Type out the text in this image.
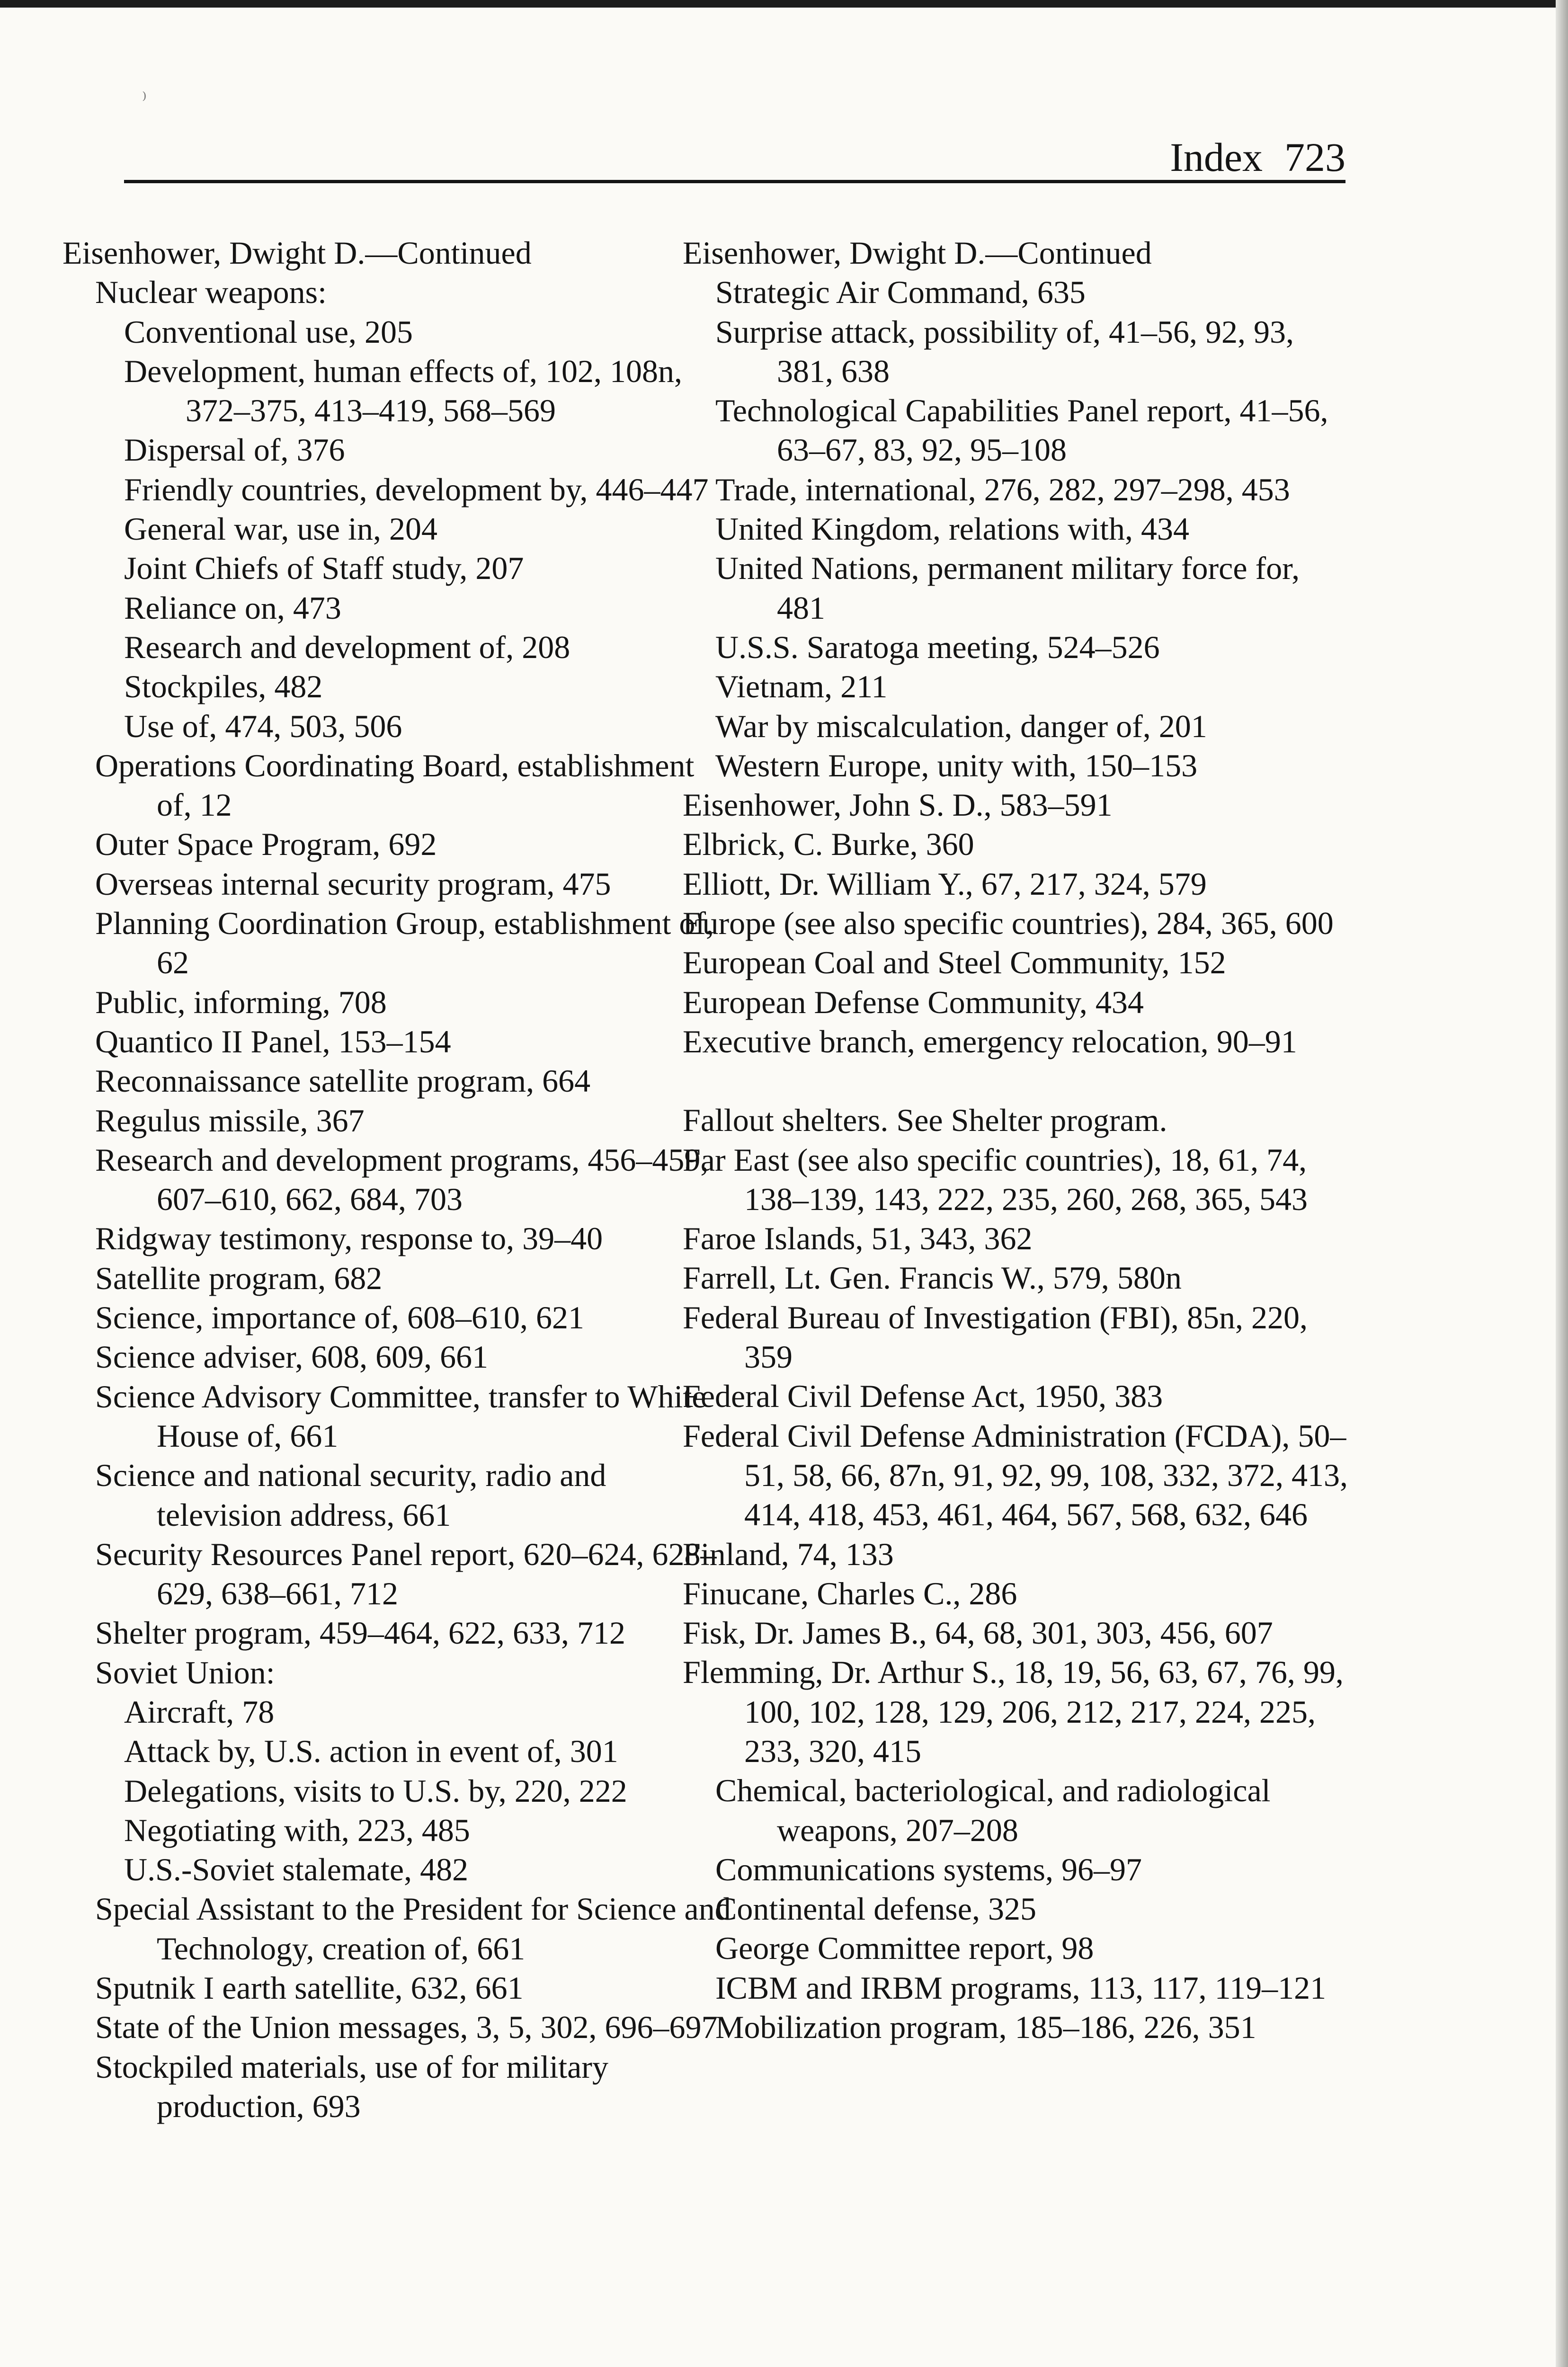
⁾
Index 723
Eisenhower, Dwight D.—Continued
Nuclear weapons:
Conventional use, 205
Development, human effects of, 102, 108n, 372–375, 413–419, 568–569
Dispersal of, 376
Friendly countries, development by, 446–447
General war, use in, 204
Joint Chiefs of Staff study, 207
Reliance on, 473
Research and development of, 208
Stockpiles, 482
Use of, 474, 503, 506
Operations Coordinating Board, establishment of, 12
Outer Space Program, 692
Overseas internal security program, 475
Planning Coordination Group, establishment of, 62
Public, informing, 708
Quantico II Panel, 153–154
Reconnaissance satellite program, 664
Regulus missile, 367
Research and development programs, 456–459, 607–610, 662, 684, 703
Ridgway testimony, response to, 39–40
Satellite program, 682
Science, importance of, 608–610, 621
Science adviser, 608, 609, 661
Science Advisory Committee, transfer to White House of, 661
Science and national security, radio and television address, 661
Security Resources Panel report, 620–624, 628–629, 638–661, 712
Shelter program, 459–464, 622, 633, 712
Soviet Union:
Aircraft, 78
Attack by, U.S. action in event of, 301
Delegations, visits to U.S. by, 220, 222
Negotiating with, 223, 485
U.S.-Soviet stalemate, 482
Special Assistant to the President for Science and Technology, creation of, 661
Sputnik I earth satellite, 632, 661
State of the Union messages, 3, 5, 302, 696–697
Stockpiled materials, use of for military production, 693
Eisenhower, Dwight D.—Continued
Strategic Air Command, 635
Surprise attack, possibility of, 41–56, 92, 93, 381, 638
Technological Capabilities Panel report, 41–56, 63–67, 83, 92, 95–108
Trade, international, 276, 282, 297–298, 453
United Kingdom, relations with, 434
United Nations, permanent military force for, 481
U.S.S. Saratoga meeting, 524–526
Vietnam, 211
War by miscalculation, danger of, 201
Western Europe, unity with, 150–153
Eisenhower, John S. D., 583–591
Elbrick, C. Burke, 360
Elliott, Dr. William Y., 67, 217, 324, 579
Europe (see also specific countries), 284, 365, 600
European Coal and Steel Community, 152
European Defense Community, 434
Executive branch, emergency relocation, 90–91
Fallout shelters. See Shelter program.
Far East (see also specific countries), 18, 61, 74, 138–139, 143, 222, 235, 260, 268, 365, 543
Faroe Islands, 51, 343, 362
Farrell, Lt. Gen. Francis W., 579, 580n
Federal Bureau of Investigation (FBI), 85n, 220, 359
Federal Civil Defense Act, 1950, 383
Federal Civil Defense Administration (FCDA), 50–51, 58, 66, 87n, 91, 92, 99, 108, 332, 372, 413, 414, 418, 453, 461, 464, 567, 568, 632, 646
Finland, 74, 133
Finucane, Charles C., 286
Fisk, Dr. James B., 64, 68, 301, 303, 456, 607
Flemming, Dr. Arthur S., 18, 19, 56, 63, 67, 76, 99, 100, 102, 128, 129, 206, 212, 217, 224, 225, 233, 320, 415
Chemical, bacteriological, and radiological weapons, 207–208
Communications systems, 96–97
Continental defense, 325
George Committee report, 98
ICBM and IRBM programs, 113, 117, 119–121
Mobilization program, 185–186, 226, 351
